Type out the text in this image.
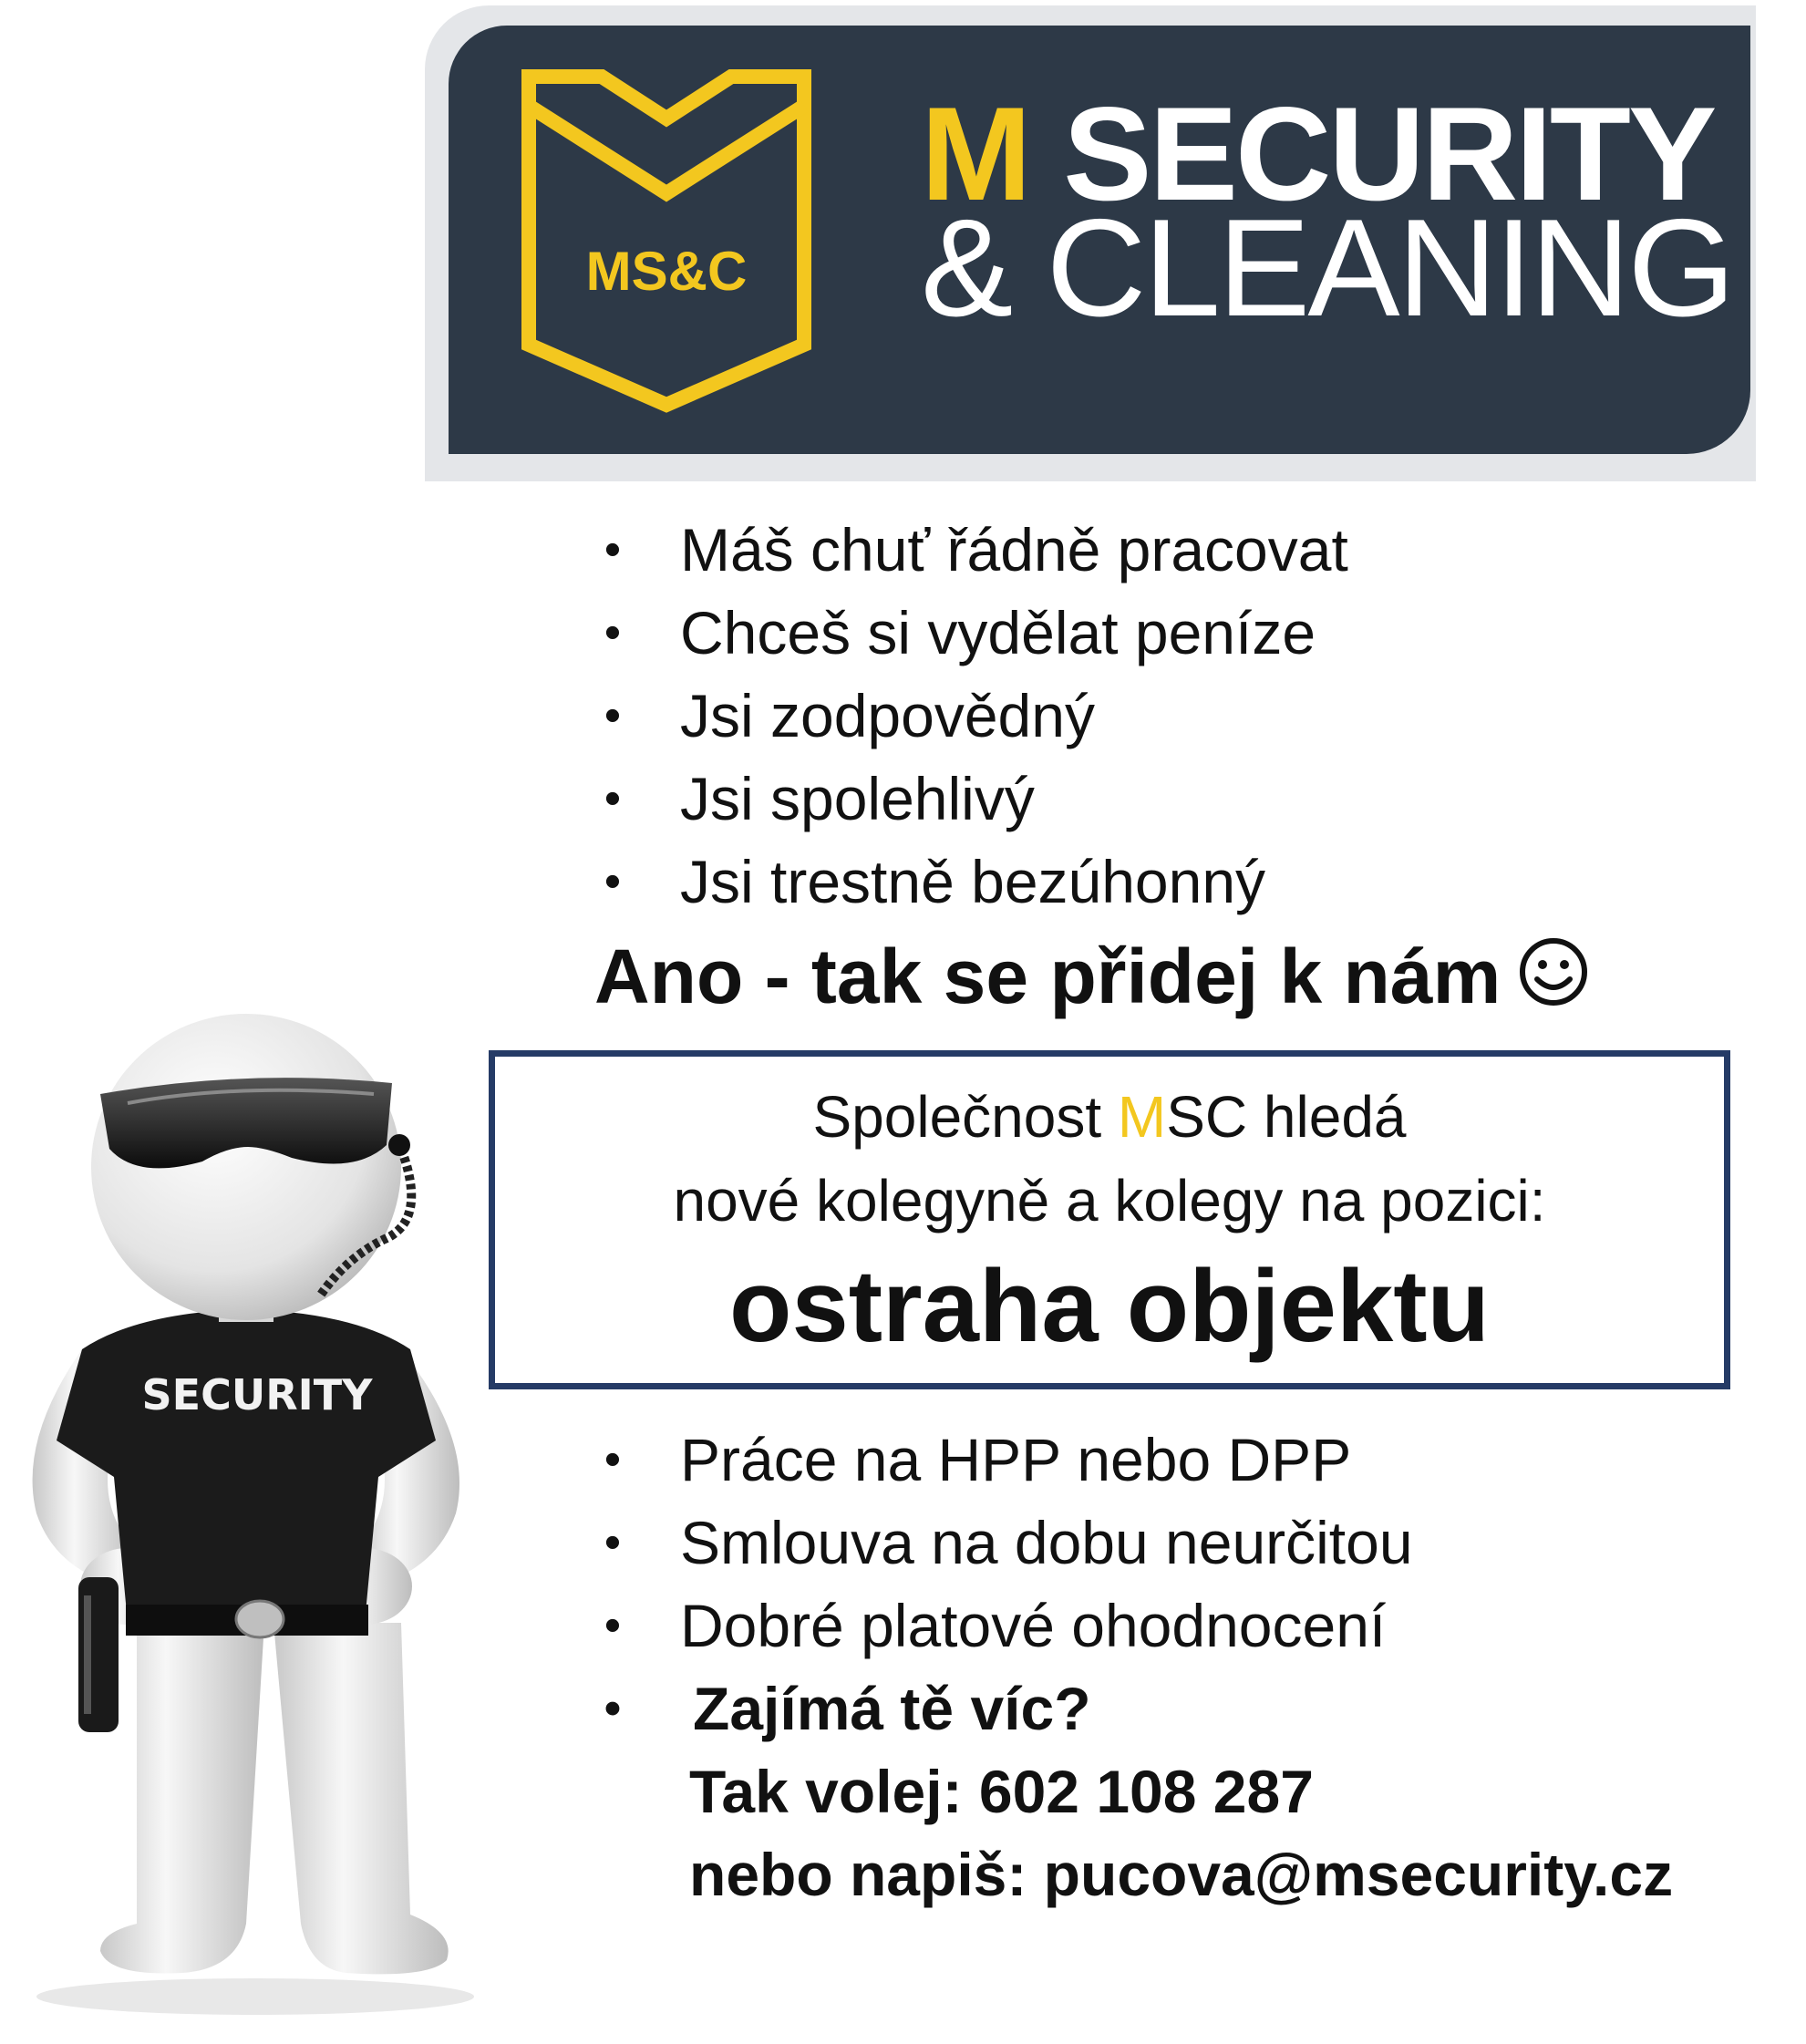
MS&C
M SECURITY
& CLEANING
• Máš chuť řádně pracovat
• Chceš si vydělat peníze
• Jsi zodpovědný
• Jsi spolehlivý
• Jsi trestně bezúhonný
Ano - tak se přidej k nám
Společnost MSC hledá
nové kolegyně a kolegy na pozici:
ostraha objektu
• Práce na HPP nebo DPP
• Smlouva na dobu neurčitou
• Dobré platové ohodnocení
• Zajímá tě víc?
Tak volej: 602 108 287
nebo napiš: pucova@msecurity.cz
SECURITY
